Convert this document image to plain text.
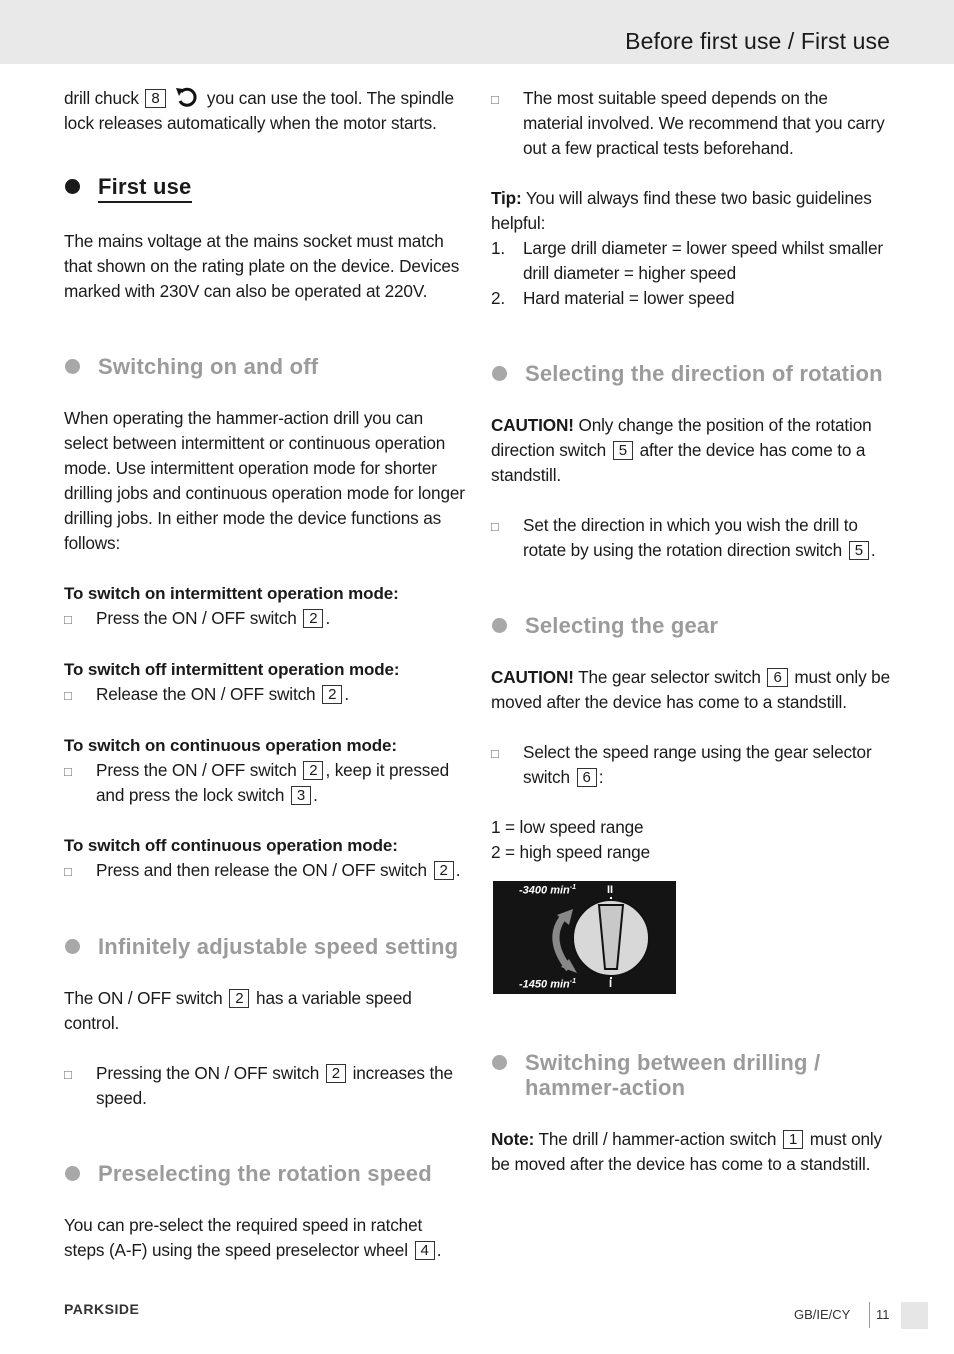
Before first use / First use
drill chuck 8	you can use the tool. The spindle lock releases automatically when the motor starts.
First use
The mains voltage at the mains socket must match that shown on the rating plate on the device. Devices marked with 230V can also be operated at 220V.
Switching on and off
When operating the hammer-action drill you can select between intermittent or continuous operation mode. Use intermittent operation mode for shorter drilling jobs and continuous operation mode for longer drilling jobs. In either mode the device functions as follows:
To switch on intermittent operation mode:
□	Press the ON / OFF switch 2 .
To switch off intermittent operation mode:
□	Release the ON / OFF switch 2 .
To switch on continuous operation mode:
□	Press the ON / OFF switch 2 , keep it pressed and press the lock switch 3 .
To switch off continuous operation mode:
□	Press and then release the ON / OFF switch 2 .
Infinitely adjustable speed setting
The ON / OFF switch 2 has a variable speed control.
□	Pressing the ON / OFF switch 2 increases the speed.
Preselecting the rotation speed
You can pre-select the required speed in ratchet steps (A-F) using the speed preselector wheel 4 .
□	The most suitable speed depends on the material involved. We recommend that you carry out a few practical tests beforehand.
Tip: You will always find these two basic guidelines helpful:
1.	Large drill diameter = lower speed whilst smaller drill diameter = higher speed
2.	Hard material = lower speed
Selecting the direction of rotation
CAUTION! Only change the position of the rotation direction switch 5 after the device has come to a standstill.
□	Set the direction in which you wish the drill to rotate by using the rotation direction switch 5 .
Selecting the gear
CAUTION! The gear selector switch 6 must only be moved after the device has come to a standstill.
□	Select the speed range using the gear selector switch 6 :
1 = low speed range
2 = high speed range
-3400 $\min^{-1}$	II
-1450 $\min^{-1}$	I
Switching between drilling / hammer-action
Note: The drill / hammer-action switch 1 must only be moved after the device has come to a standstill.
PARKSIDE	GB/IE/CY 11
